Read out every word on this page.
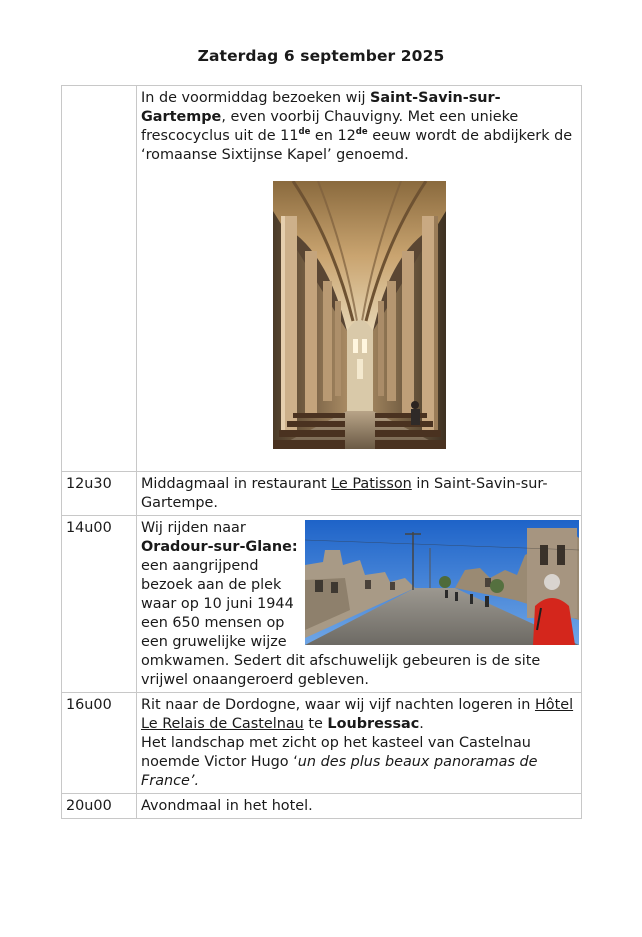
Zaterdag 6 september 2025
	In de voormiddag bezoeken wij Saint-Savin-sur-Gartempe, even voorbij Chauvigny. Met een unieke frescocyclus uit de 11de en 12de eeuw wordt de abdijkerk de ‘romaanse Sixtijnse Kapel’ genoemd.

12u30	Middagmaal in restaurant Le Patisson in Saint-Savin-sur-Gartempe.
14u00	Wij rijden naar Oradour-sur-Glane: een aangrijpend bezoek aan de plek waar op 10 juni 1944 een 650 mensen op een gruwelijke wijze omkwamen. Sedert dit afschuwelijk gebeuren is de site vrijwel onaangeroerd gebleven.
16u00	Rit naar de Dordogne, waar wij vijf nachten logeren in Hôtel Le Relais de Castelnau te Loubressac.
Het landschap met zicht op het kasteel van Castelnau noemde Victor Hugo ‘un des plus beaux panoramas de France’.
20u00	Avondmaal in het hotel.
